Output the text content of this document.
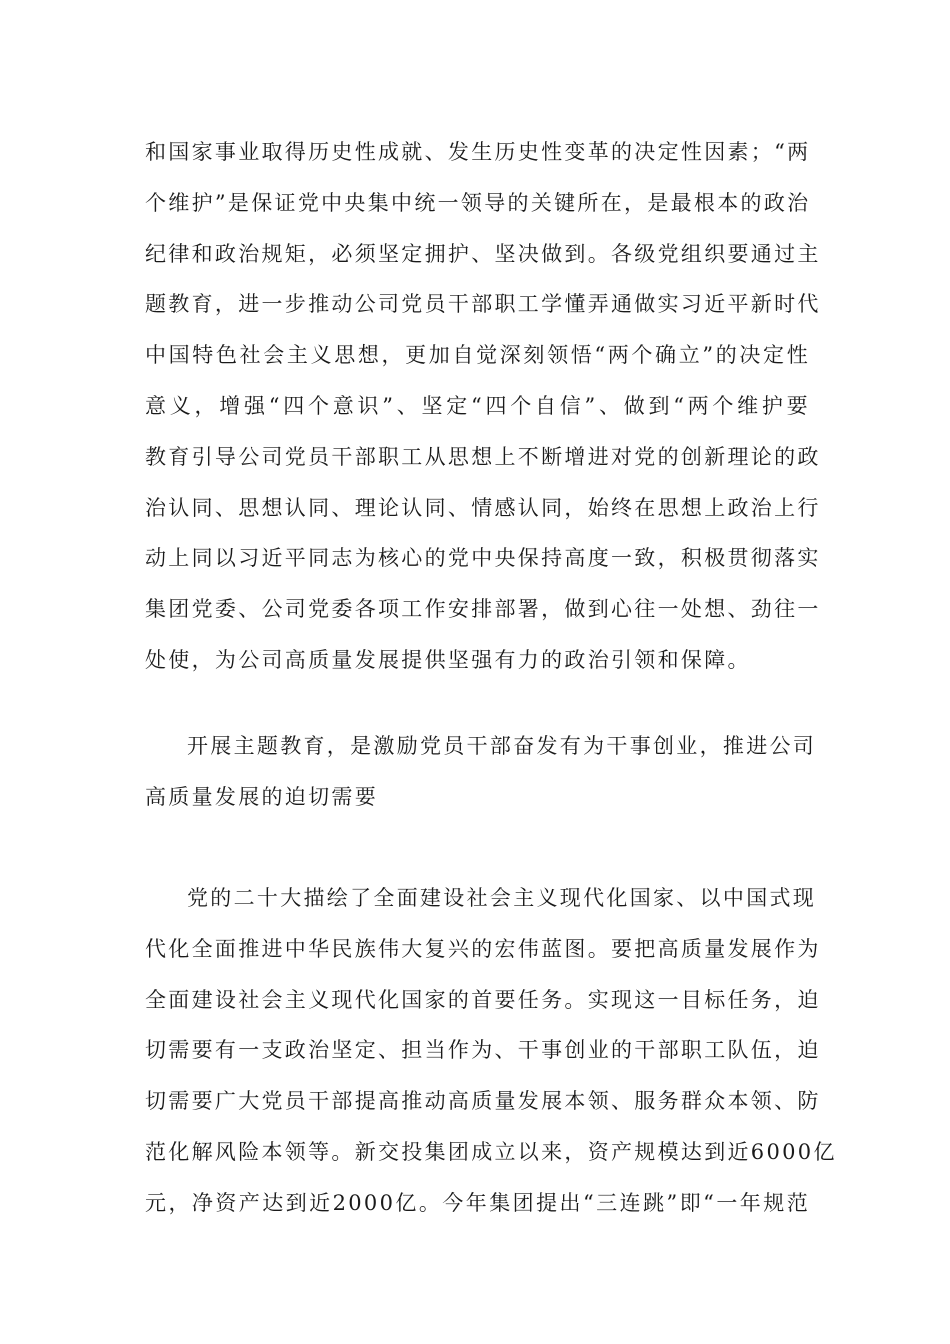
和国家事业取得历史性成就、发生历史性变革的决定性因素；“两
个维护”是保证党中央集中统一领导的关键所在，是最根本的政治
纪律和政治规矩，必须坚定拥护、坚决做到。各级党组织要通过主
题教育，进一步推动公司党员干部职工学懂弄通做实习近平新时代
中国特色社会主义思想，更加自觉深刻领悟“两个确立”的决定性
意义，增强“四个意识”、坚定“四个自信”、做到“两个维护要
教育引导公司党员干部职工从思想上不断增进对党的创新理论的政
治认同、思想认同、理论认同、情感认同，始终在思想上政治上行
动上同以习近平同志为核心的党中央保持高度一致，积极贯彻落实
集团党委、公司党委各项工作安排部署，做到心往一处想、劲往一
处使，为公司高质量发展提供坚强有力的政治引领和保障。
开展主题教育，是激励党员干部奋发有为干事创业，推进公司
高质量发展的迫切需要
党的二十大描绘了全面建设社会主义现代化国家、以中国式现
代化全面推进中华民族伟大复兴的宏伟蓝图。要把高质量发展作为
全面建设社会主义现代化国家的首要任务。实现这一目标任务，迫
切需要有一支政治坚定、担当作为、干事创业的干部职工队伍，迫
切需要广大党员干部提高推动高质量发展本领、服务群众本领、防
范化解风险本领等。新交投集团成立以来，资产规模达到近6000亿
元，净资产达到近2000亿。今年集团提出“三连跳”即“一年规范
